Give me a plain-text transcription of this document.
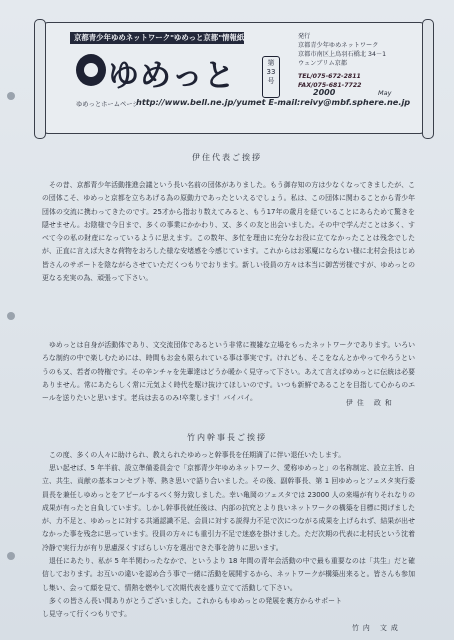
京都青少年ゆめネットワーク"ゆめっと京都"情報紙
ゆめっと	第 33 号
発行
京都青少年ゆめネットワーク
京都市南区上鳥羽石橋北 34－1
ウェンブリム京都
TEL/075-672-2811
FAX/075-681-7722
2000	May
ゆめっとホームページ
http://www.bell.ne.jp/yumet E-mail:reivy@mbf.sphere.ne.jp
伊住代表ご挨拶

その昔、京都青少年活動推進会議という長い名前の団体がありました。もう御存知の方は少なくなってきましたが、この団体こそ、ゆめっと京都を立ちあげる為の原動力であったといえるでしょう。私は、この団体に関わることから青少年団体の交流に携わってきたのです。25才から指おり数えてみると、もう17年の歳月を経ていることにあらためて驚きを隠せません。お陰様で今日まで、多くの事業にかかわり、又、多くの友と出会いました。その中で学んだことは多く、すべて今の私の財産になっているように思えます。この数年、多忙を理由に充分なお役に立てなかったことは残念でしたが、正直に言えば大きな荷物をおろした様な安堵感を今感じています。これからはお邪魔にならない様に北村会長はじめ皆さんのサポートを陰ながらさせていただくつもりでおります。新しい役員の方々は本当に御苦労様ですが、ゆめっとの更なる充実の為、頑張って下さい。

ゆめっとは自身が活動体であり、文交流団体であるという非常に複雑な立場をもったネットワークであります。いろいろな制約の中で楽しむためには、時間もお金も限られている事は事実です。けれども、そこをなんとかやってやろうというのも又、若者の特権です。その辛ンチャを先輩達はどうか暖かく見守って下さい。あえて言えばゆめっとに伝統は必要ありません。常にあたらしく常に元気よく時代を駆け抜けてほしいのです。いつも新鮮であることを目指して心からのエールを送りたいと思います。老兵は去るのみ!卒業します！バイバイ。

伊住 政和
竹内幹事長ご挨拶

この度、多くの人々に助けられ、教えられたゆめっと幹事長を任期満了に伴い退任いたします。

思い起せば、5 年半前、設立準備委員会で「京都青少年ゆめネットワーク、愛称ゆめっと」の名称制定、設立主旨、自立、共生、貢献の基本コンセプト等、熱き思いで語り合いました。その後、副幹事長、第 1 回ゆめっとフェスタ実行委員長を兼任しゆめっとをアピールするべく努力致しました。幸い亀岡のフェスタでは 23000 人の来場が有りそれなりの成果が有ったと自負しています。しかし幹事長就任後は、内部の抗究とより良いネットワークの構築を目標に掲げましたが、力不足と、ゆめっとに対する共通認識不足、会員に対する説得力不足で次につながる成果を上げられず、結果が出せなかった事を残念に思っています。役員の方々にも重引力不足で迷惑を掛けました。ただ次期の代表に北村氏という沈着冷静で実行力が有り思慮深くすばらしい方を選出できた事を誇りに思います。

退任にあたり、私が 5 年半関わったなかで、というより 18 年間の青年会活動の中で最も重要なのは「共生」だと確信しております。お互いの違いを認め合う事で一緒に活動を展開するから、ネットワークが構築出来ると。皆さんも参加し集い、会って顔を見て、情熱を燃やして次期代表を盛り立てて活動して下さい。

多くの皆さん長い間ありがとうございました。これからもゆめっとの発展を裏方からサポートし見守って行くつもりです。

竹内 文成
